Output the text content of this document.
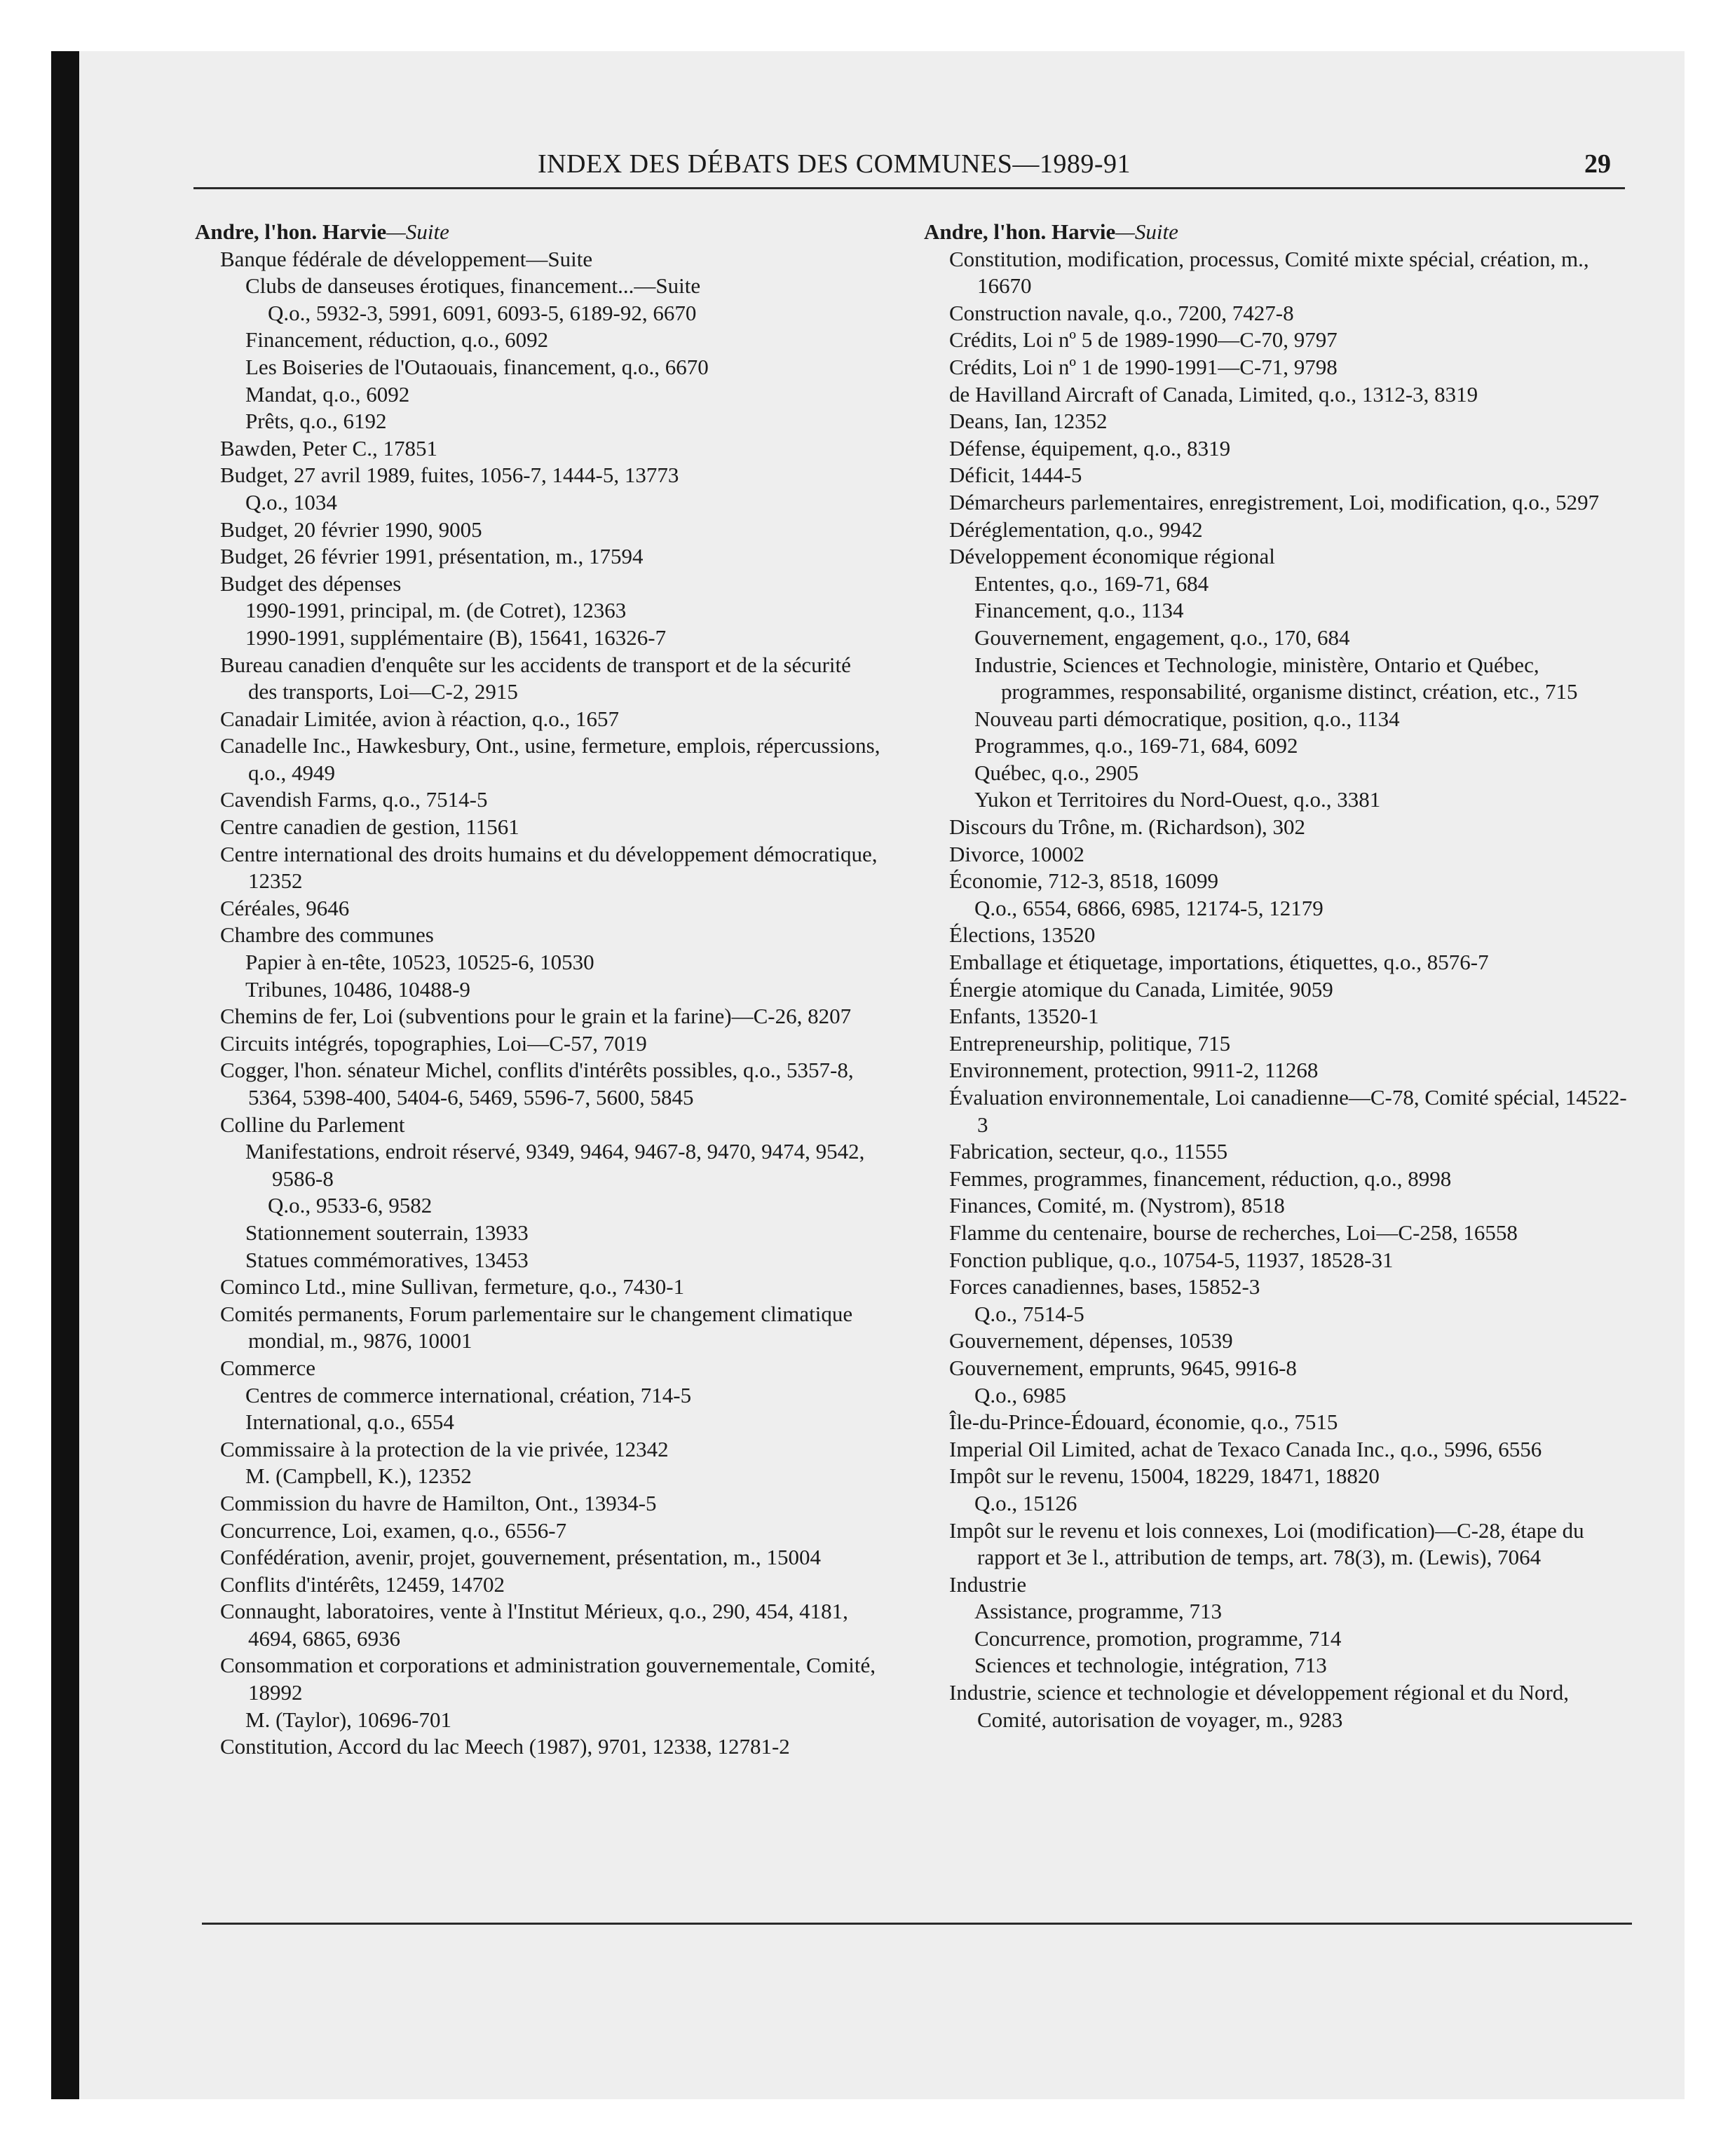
INDEX DES DÉBATS DES COMMUNES—1989-91	29

Andre, l'hon. Harvie—Suite

Banque fédérale de développement—Suite

Clubs de danseuses érotiques, financement...—Suite

Q.o., 5932-3, 5991, 6091, 6093-5, 6189-92, 6670

Financement, réduction, q.o., 6092

Les Boiseries de l'Outaouais, financement, q.o., 6670

Mandat, q.o., 6092

Prêts, q.o., 6192

Bawden, Peter C., 17851

Budget, 27 avril 1989, fuites, 1056-7, 1444-5, 13773

Q.o., 1034

Budget, 20 février 1990, 9005

Budget, 26 février 1991, présentation, m., 17594

Budget des dépenses

1990-1991, principal, m. (de Cotret), 12363

1990-1991, supplémentaire (B), 15641, 16326-7

Bureau canadien d'enquête sur les accidents de transport et de la sécurité des transports, Loi—C-2, 2915

Canadair Limitée, avion à réaction, q.o., 1657

Canadelle Inc., Hawkesbury, Ont., usine, fermeture, emplois, répercussions, q.o., 4949

Cavendish Farms, q.o., 7514-5

Centre canadien de gestion, 11561

Centre international des droits humains et du développement démocratique, 12352

Céréales, 9646

Chambre des communes

Papier à en-tête, 10523, 10525-6, 10530

Tribunes, 10486, 10488-9

Chemins de fer, Loi (subventions pour le grain et la farine)—C-26, 8207

Circuits intégrés, topographies, Loi—C-57, 7019

Cogger, l'hon. sénateur Michel, conflits d'intérêts possibles, q.o., 5357-8, 5364, 5398-400, 5404-6, 5469, 5596-7, 5600, 5845

Colline du Parlement

Manifestations, endroit réservé, 9349, 9464, 9467-8, 9470, 9474, 9542, 9586-8

Q.o., 9533-6, 9582

Stationnement souterrain, 13933

Statues commémoratives, 13453

Cominco Ltd., mine Sullivan, fermeture, q.o., 7430-1

Comités permanents, Forum parlementaire sur le changement climatique mondial, m., 9876, 10001

Commerce

Centres de commerce international, création, 714-5

International, q.o., 6554

Commissaire à la protection de la vie privée, 12342

M. (Campbell, K.), 12352

Commission du havre de Hamilton, Ont., 13934-5

Concurrence, Loi, examen, q.o., 6556-7

Confédération, avenir, projet, gouvernement, présentation, m., 15004

Conflits d'intérêts, 12459, 14702

Connaught, laboratoires, vente à l'Institut Mérieux, q.o., 290, 454, 4181, 4694, 6865, 6936

Consommation et corporations et administration gouvernementale, Comité, 18992

M. (Taylor), 10696-701

Constitution, Accord du lac Meech (1987), 9701, 12338, 12781-2

Andre, l'hon. Harvie—Suite

Constitution, modification, processus, Comité mixte spécial, création, m., 16670

Construction navale, q.o., 7200, 7427-8

Crédits, Loi nº 5 de 1989-1990—C-70, 9797

Crédits, Loi nº 1 de 1990-1991—C-71, 9798

de Havilland Aircraft of Canada, Limited, q.o., 1312-3, 8319

Deans, Ian, 12352

Défense, équipement, q.o., 8319

Déficit, 1444-5

Démarcheurs parlementaires, enregistrement, Loi, modification, q.o., 5297

Déréglementation, q.o., 9942

Développement économique régional

Ententes, q.o., 169-71, 684

Financement, q.o., 1134

Gouvernement, engagement, q.o., 170, 684

Industrie, Sciences et Technologie, ministère, Ontario et Québec, programmes, responsabilité, organisme distinct, création, etc., 715

Nouveau parti démocratique, position, q.o., 1134

Programmes, q.o., 169-71, 684, 6092

Québec, q.o., 2905

Yukon et Territoires du Nord-Ouest, q.o., 3381

Discours du Trône, m. (Richardson), 302

Divorce, 10002

Économie, 712-3, 8518, 16099

Q.o., 6554, 6866, 6985, 12174-5, 12179

Élections, 13520

Emballage et étiquetage, importations, étiquettes, q.o., 8576-7

Énergie atomique du Canada, Limitée, 9059

Enfants, 13520-1

Entrepreneurship, politique, 715

Environnement, protection, 9911-2, 11268

Évaluation environnementale, Loi canadienne—C-78, Comité spécial, 14522-3

Fabrication, secteur, q.o., 11555

Femmes, programmes, financement, réduction, q.o., 8998

Finances, Comité, m. (Nystrom), 8518

Flamme du centenaire, bourse de recherches, Loi—C-258, 16558

Fonction publique, q.o., 10754-5, 11937, 18528-31

Forces canadiennes, bases, 15852-3

Q.o., 7514-5

Gouvernement, dépenses, 10539

Gouvernement, emprunts, 9645, 9916-8

Q.o., 6985

Île-du-Prince-Édouard, économie, q.o., 7515

Imperial Oil Limited, achat de Texaco Canada Inc., q.o., 5996, 6556

Impôt sur le revenu, 15004, 18229, 18471, 18820

Q.o., 15126

Impôt sur le revenu et lois connexes, Loi (modification)—C-28, étape du rapport et 3e l., attribution de temps, art. 78(3), m. (Lewis), 7064

Industrie

Assistance, programme, 713

Concurrence, promotion, programme, 714

Sciences et technologie, intégration, 713

Industrie, science et technologie et développement régional et du Nord, Comité, autorisation de voyager, m., 9283
